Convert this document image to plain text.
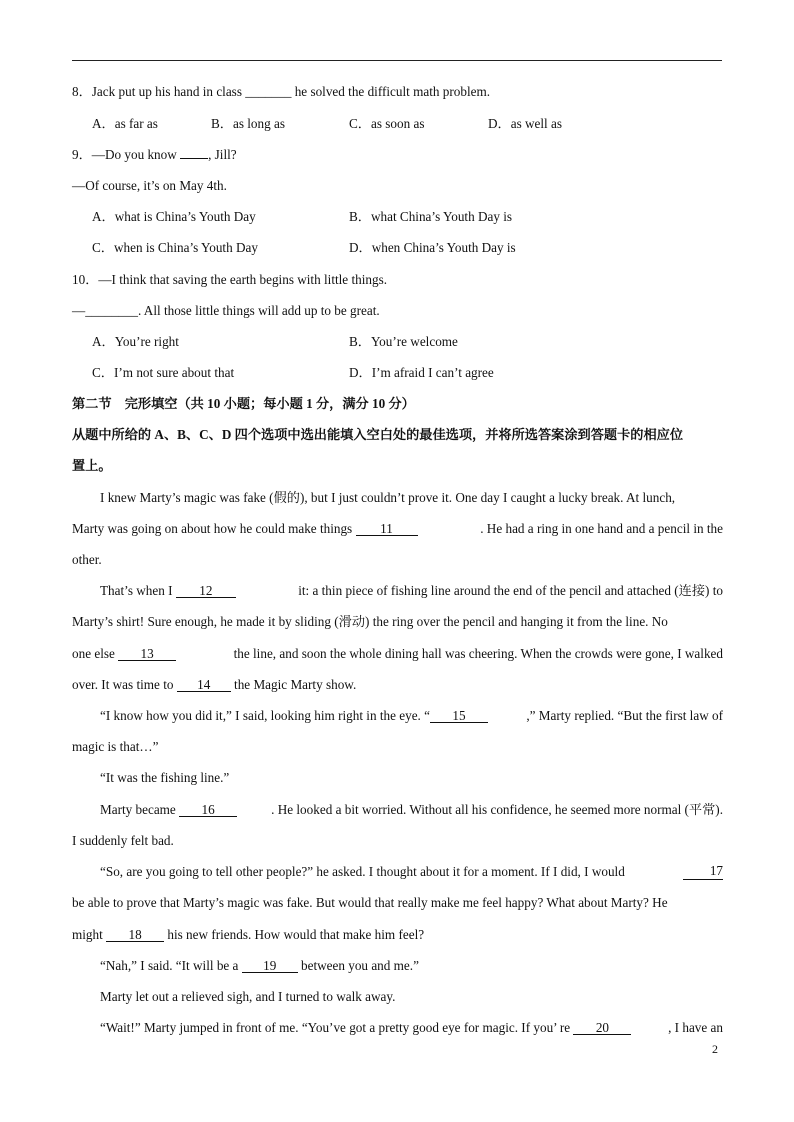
8．Jack put up his hand in class _______ he solved the difficult math problem.
A．as far as	B．as long as	C．as soon as	D．as well as
9．—Do you know , Jill?
—Of course, it’s on May 4th.
A．what is China’s Youth Day	B．what China’s Youth Day is
C．when is China’s Youth Day	D．when China’s Youth Day is
10．—I think that saving the earth begins with little things.
—________. All those little things will add up to be great.
A．You’re right	B．You’re welcome
C．I’m not sure about that	D．I’m afraid I can’t agree
第二节　完形填空（共 10 小题；每小题 1 分，满分 10 分）
从题中所给的 A、B、C、D 四个选项中选出能填入空白处的最佳选项，并将所选答案涂到答题卡的相应位
置上。
I knew Marty’s magic was fake (假的), but I just couldn’t prove it. One day I caught a lucky break. At lunch,
Marty was going on about how he could make things 11	. He had a ring in one hand and a pencil in the
other.
That’s when I 12	it: a thin piece of fishing line around the end of the pencil and attached (连接) to
Marty’s shirt! Sure enough, he made it by sliding (滑动) the ring over the pencil and hanging it from the line. No
one else 13	the line, and soon the whole dining hall was cheering. When the crowds were gone, I walked
over. It was time to 14 the Magic Marty show.
“I know how you did it,” I said, looking him right in the eye. “ 15	,” Marty replied. “But the first law of
magic is that…”
“It was the fishing line.”
Marty became 16	. He looked a bit worried. Without all his confidence, he seemed more normal (平常).
I suddenly felt bad.
“So, are you going to tell other people?” he asked. I thought about it for a moment. If I did, I would	17
be able to prove that Marty’s magic was fake. But would that really make me feel happy? What about Marty? He
might 18 his new friends. How would that make him feel?
“Nah,” I said. “It will be a 19 between you and me.”
Marty let out a relieved sigh, and I turned to walk away.
“Wait!” Marty jumped in front of me. “You’ve got a pretty good eye for magic. If you’ re 20	, I have an
2
